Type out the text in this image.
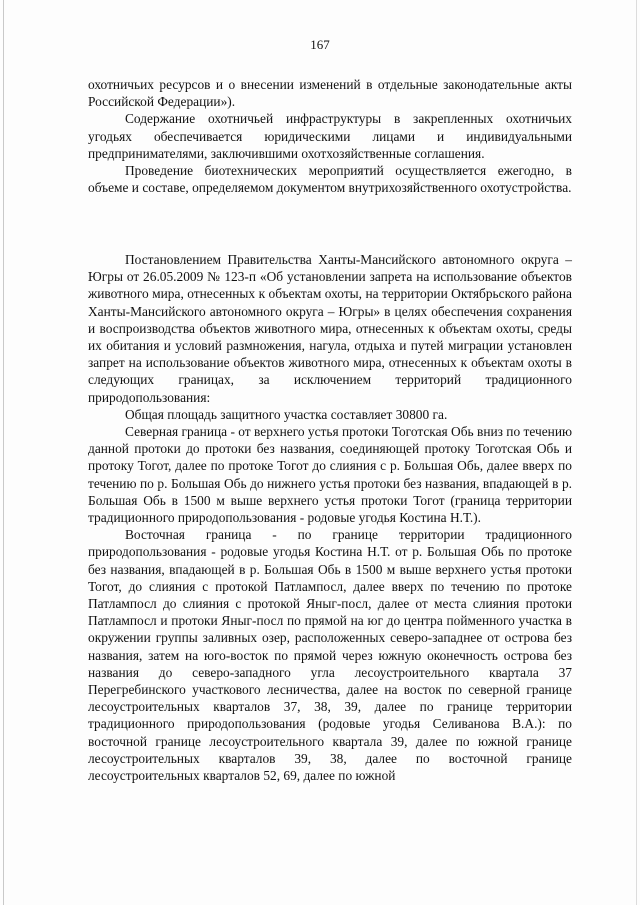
167

охотничьих ресурсов и о внесении изменений в отдельные законодательные акты Российской Федерации»).

Содержание охотничьей инфраструктуры в закрепленных охотничьих угодьях обеспечивается юридическими лицами и индивидуальными предпринимателями, заключившими охотхозяйственные соглашения.

Проведение биотехнических мероприятий осуществляется ежегодно, в объеме и составе, определяемом документом внутрихозяйственного охотустройства.

Постановлением Правительства Ханты-Мансийского автономного округа – Югры от 26.05.2009 № 123-п «Об установлении запрета на использование объектов животного мира, отнесенных к объектам охоты, на территории Октябрьского района Ханты-Мансийского автономного округа – Югры» в целях обеспечения сохранения и воспроизводства объектов животного мира, отнесенных к объектам охоты, среды их обитания и условий размножения, нагула, отдыха и путей миграции установлен запрет на использование объектов животного мира, отнесенных к объектам охоты в следующих границах, за исключением территорий традиционного природопользования:

Общая площадь защитного участка составляет 30800 га.

Северная граница - от верхнего устья протоки Тоготская Обь вниз по течению данной протоки до протоки без названия, соединяющей протоку Тоготская Обь и протоку Тогот, далее по протоке Тогот до слияния с р. Большая Обь, далее вверх по течению по р. Большая Обь до нижнего устья протоки без названия, впадающей в р. Большая Обь в 1500 м выше верхнего устья протоки Тогот (граница территории традиционного природопользования - родовые угодья Костина Н.Т.).

Восточная граница - по границе территории традиционного природопользования - родовые угодья Костина Н.Т. от р. Большая Обь по протоке без названия, впадающей в р. Большая Обь в 1500 м выше верхнего устья протоки Тогот, до слияния с протокой Патлампосл, далее вверх по течению по протоке Патлампосл до слияния с протокой Яныг-посл, далее от места слияния протоки Патлампосл и протоки Яныг-посл по прямой на юг до центра пойменного участка в окружении группы заливных озер, расположенных северо-западнее от острова без названия, затем на юго-восток по прямой через южную оконечность острова без названия до северо-западного угла лесоустроительного квартала 37 Перегребинского участкового лесничества, далее на восток по северной границе лесоустроительных кварталов 37, 38, 39, далее по границе территории традиционного природопользования (родовые угодья Селиванова В.А.): по восточной границе лесоустроительного квартала 39, далее по южной границе лесоустроительных кварталов 39, 38, далее по восточной границе лесоустроительных кварталов 52, 69, далее по южной
